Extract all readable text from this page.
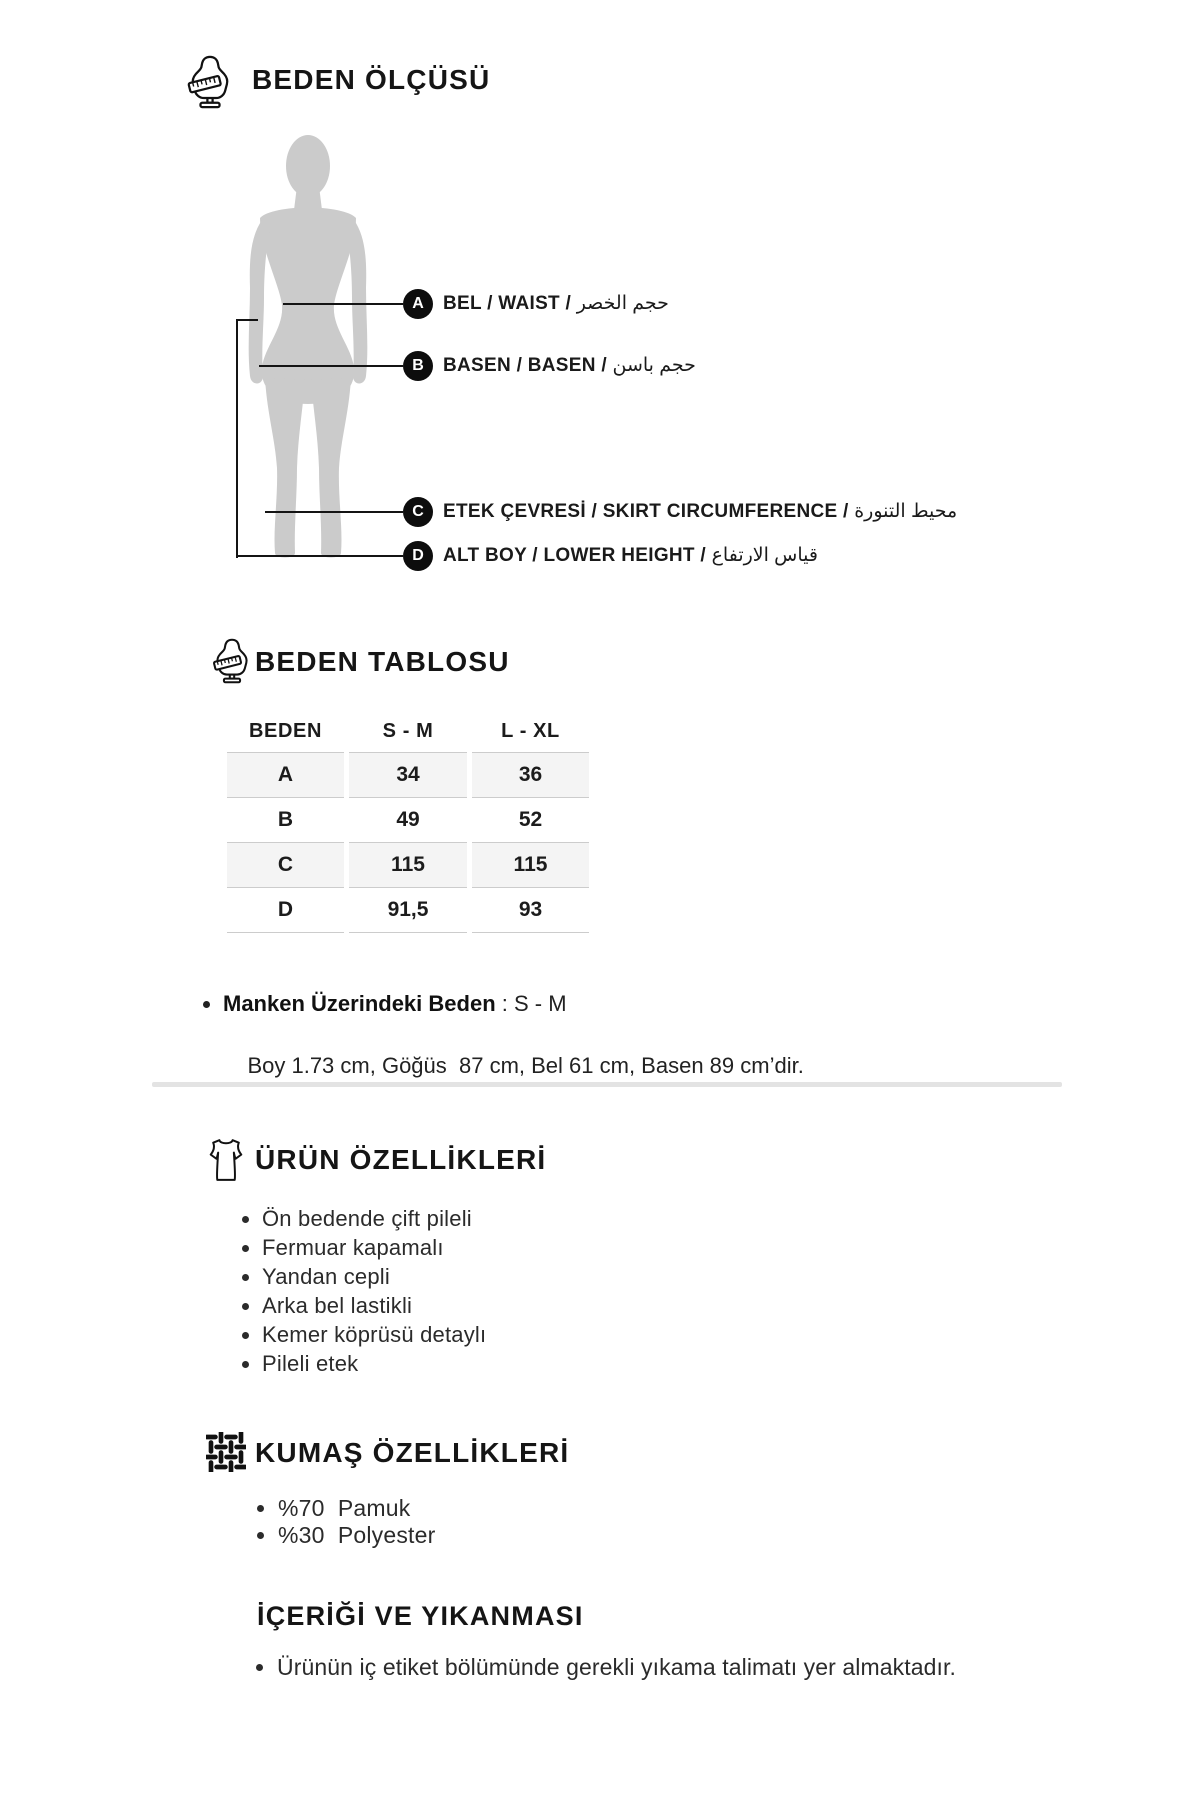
BEDEN ÖLÇÜSÜ
A BEL / WAIST / حجم الخصر
B BASEN / BASEN / حجم باسن
C ETEK ÇEVRESİ / SKIRT CIRCUMFERENCE / محيط التنورة
D ALT BOY / LOWER HEIGHT / قياس الارتفاع
BEDEN TABLOSU
BEDEN	S - M	L - XL
A	34	36
B	49	52
C	115	115
D	91,5	93
• Manken Üzerindeki Beden : S - M

Boy 1.73 cm, Göğüs  87 cm, Bel 61 cm, Basen 89 cm’dir.

ÜRÜN ÖZELLİKLERİ
• Ön bedende çift pileli
• Fermuar kapamalı
• Yandan cepli
• Arka bel lastikli
• Kemer köprüsü detaylı
• Pileli etek
KUMAŞ ÖZELLİKLERİ
• %70  Pamuk
• %30  Polyester
İÇERİĞİ VE YIKANMASI
• Ürünün iç etiket bölümünde gerekli yıkama talimatı yer almaktadır.
